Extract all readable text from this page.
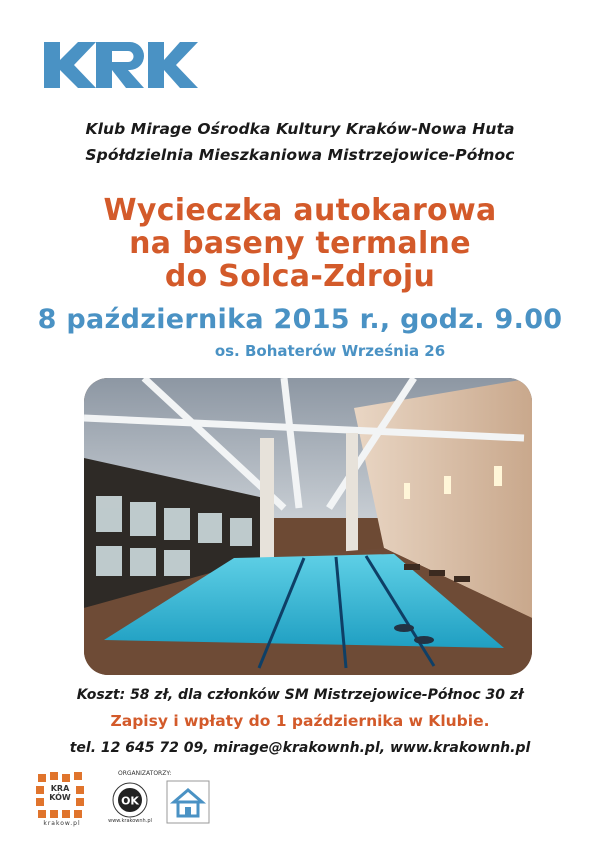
Klub Mirage Ośrodka Kultury Kraków-Nowa Huta
Spółdzielnia Mieszkaniowa Mistrzejowice-Północ
Wycieczka autokarowa
na baseny termalne
do Solca-Zdroju
8 października 2015 r., godz. 9.00
os. Bohaterów Września 26
Koszt: 58 zł, dla członków SM Mistrzejowice-Północ 30 zł
Zapisy i wpłaty do 1 października w Klubie.
tel. 12 645 72 09, mirage@krakownh.pl, www.krakownh.pl
KRA
KÓW
krakow.pl
ORGANIZATORZY:
OK
www.krakownh.pl
